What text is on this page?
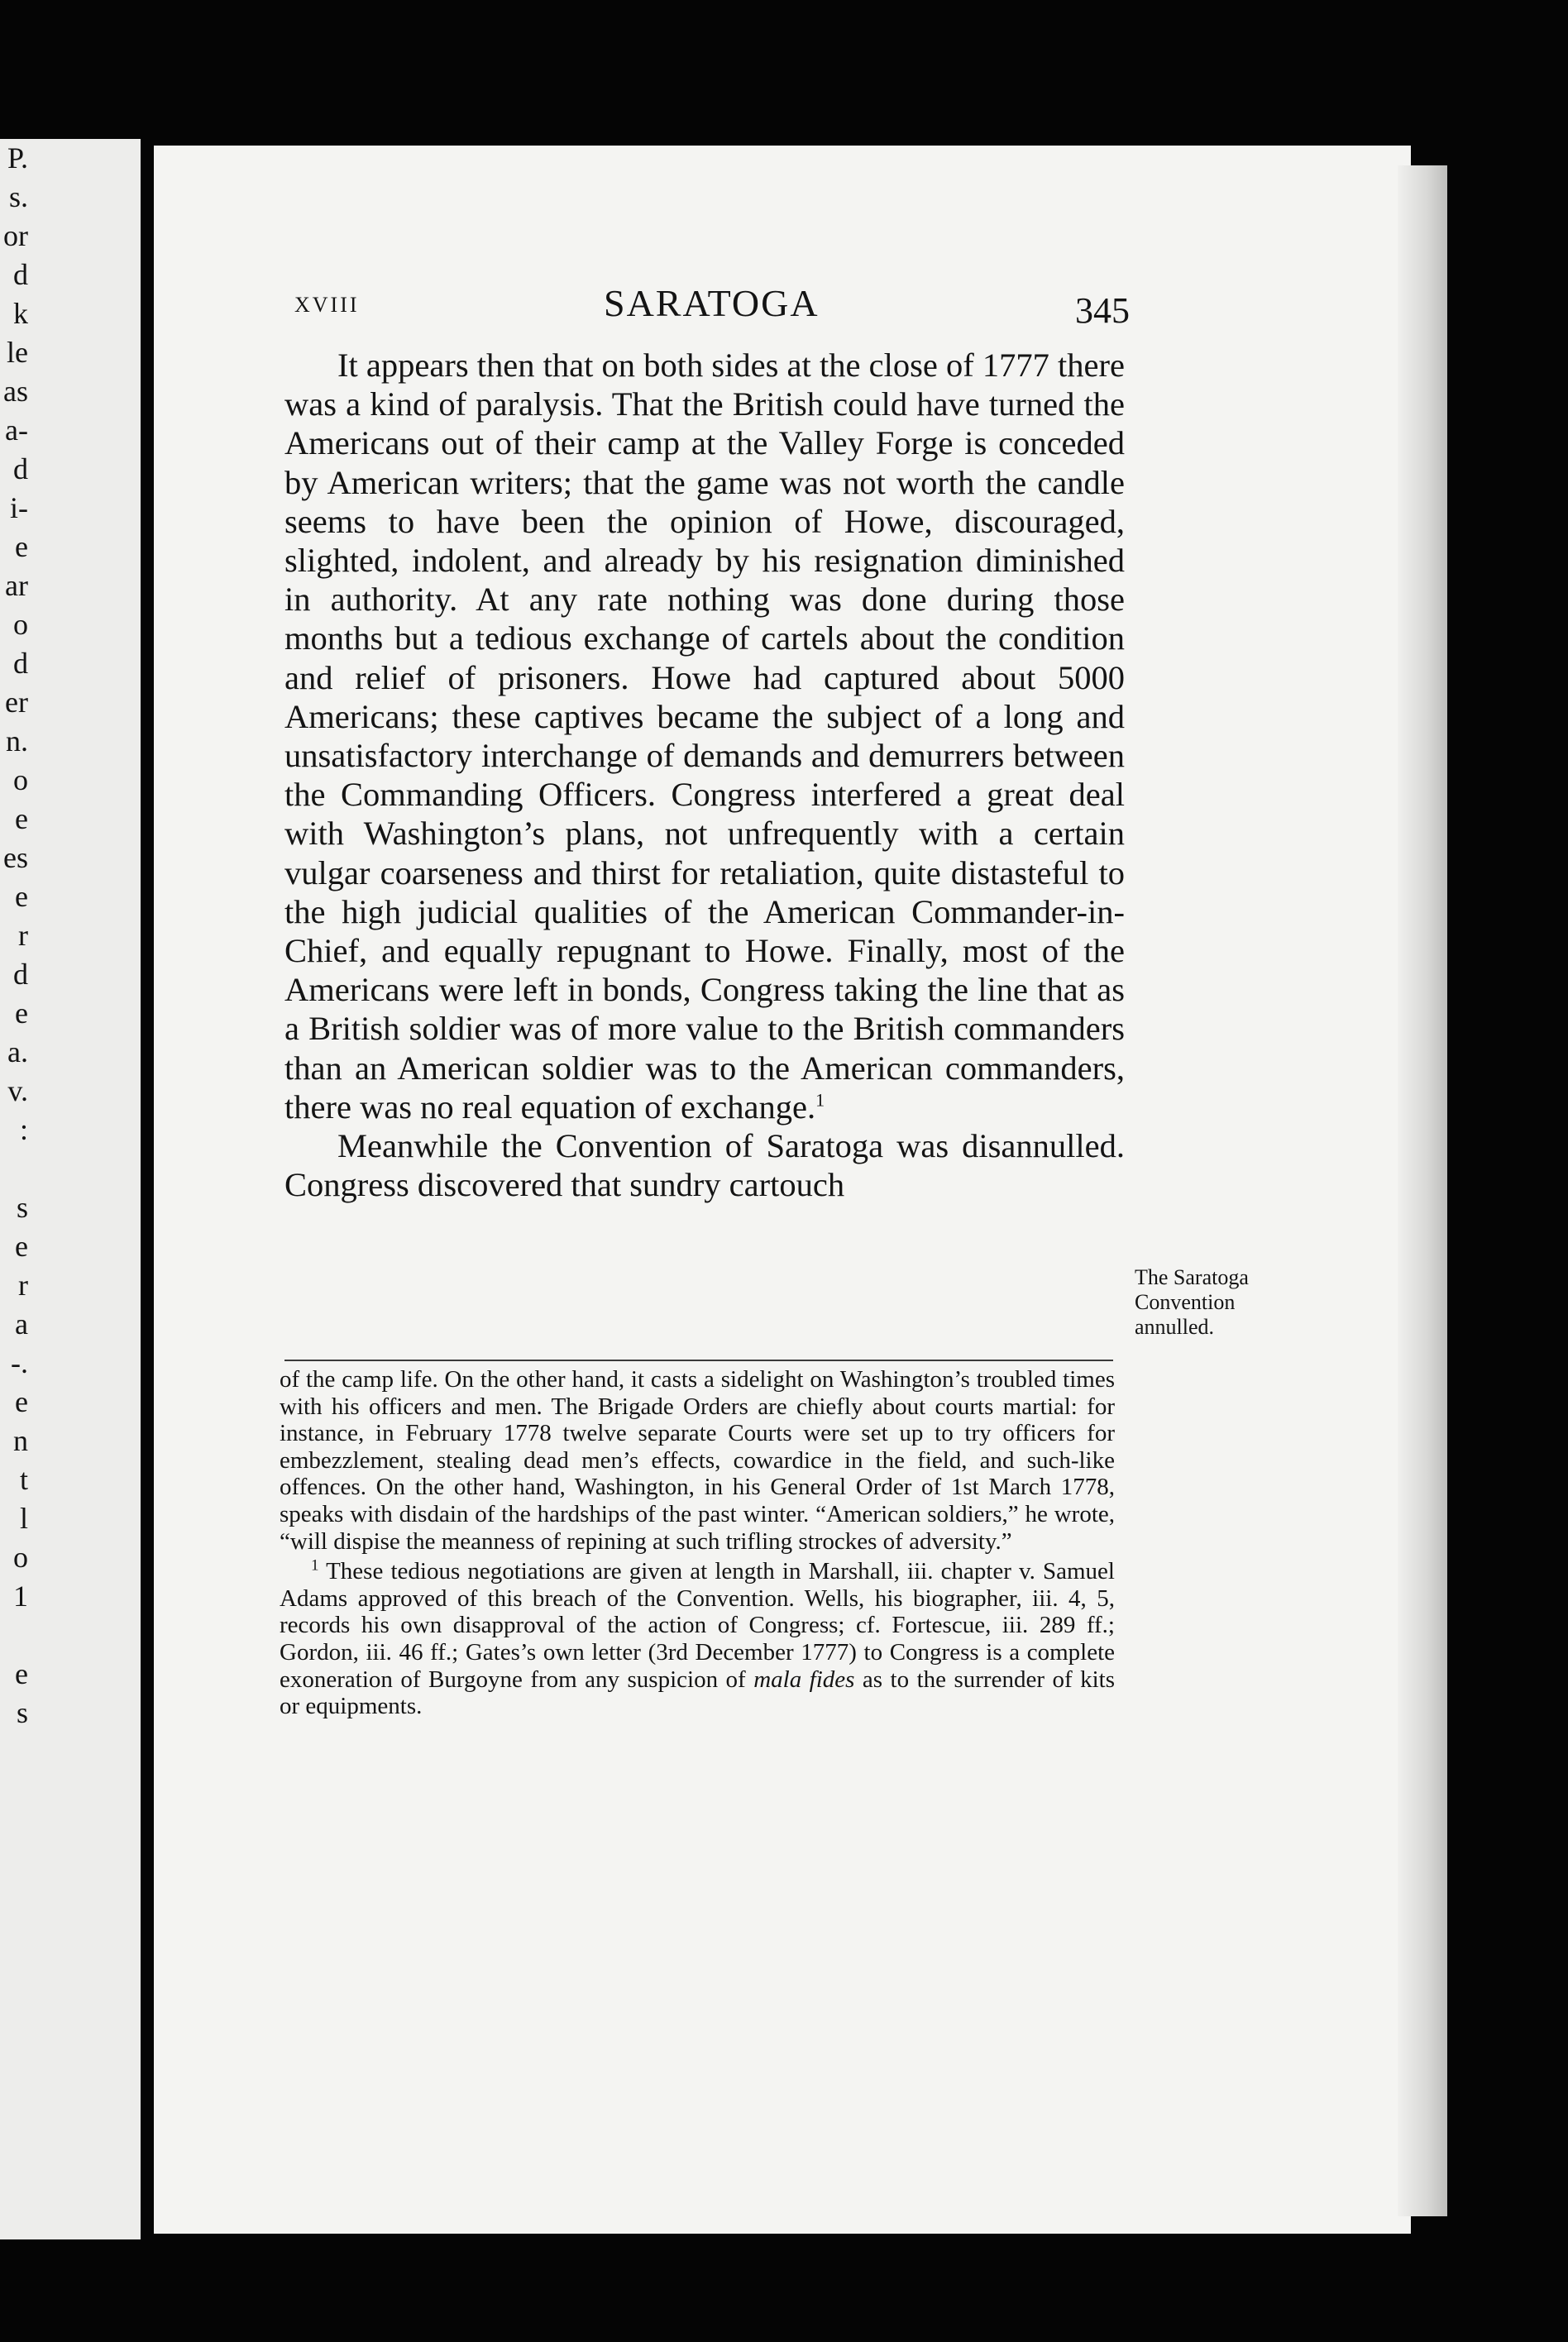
P.
s.
or
d
k
le
as
a-
d
i-
e
ar
o
d
er
n.
o
e
es
e
r
d
e
a.
v.
:
s
e
r
a
-.
e
n
t
l
o
1
e
s
XVIII	SARATOGA	345

It appears then that on both sides at the close of 1777 there was a kind of paralysis. That the British could have turned the Americans out of their camp at the Valley Forge is conceded by American writers; that the game was not worth the candle seems to have been the opinion of Howe, discouraged, slighted, indolent, and already by his resignation diminished in authority. At any rate nothing was done during those months but a tedious exchange of cartels about the condition and relief of prisoners. Howe had captured about 5000 Americans; these captives became the subject of a long and unsatisfactory interchange of demands and demurrers between the Commanding Officers. Congress interfered a great deal with Washington’s plans, not unfrequently with a certain vulgar coarseness and thirst for retaliation, quite distasteful to the high judicial qualities of the American Commander-in-Chief, and equally repugnant to Howe. Finally, most of the Americans were left in bonds, Congress taking the line that as a British soldier was of more value to the British commanders than an American soldier was to the American commanders, there was no real equation of exchange.$^1$

Meanwhile the Convention of Saratoga was disannulled. Congress discovered that sundry cartouch

The Saratoga Convention annulled.

of the camp life. On the other hand, it casts a sidelight on Washington’s troubled times with his officers and men. The Brigade Orders are chiefly about courts martial: for instance, in February 1778 twelve separate Courts were set up to try officers for embezzlement, stealing dead men’s effects, cowardice in the field, and such-like offences. On the other hand, Washington, in his General Order of 1st March 1778, speaks with disdain of the hardships of the past winter. “American soldiers,” he wrote, “will dispise the meanness of repining at such trifling strockes of adversity.”

$^1$ These tedious negotiations are given at length in Marshall, iii. chapter v. Samuel Adams approved of this breach of the Convention. Wells, his biographer, iii. 4, 5, records his own disapproval of the action of Congress; cf. Fortescue, iii. 289 ff.; Gordon, iii. 46 ff.; Gates’s own letter (3rd December 1777) to Congress is a complete exoneration of Burgoyne from any suspicion of mala fides as to the surrender of kits or equipments.
